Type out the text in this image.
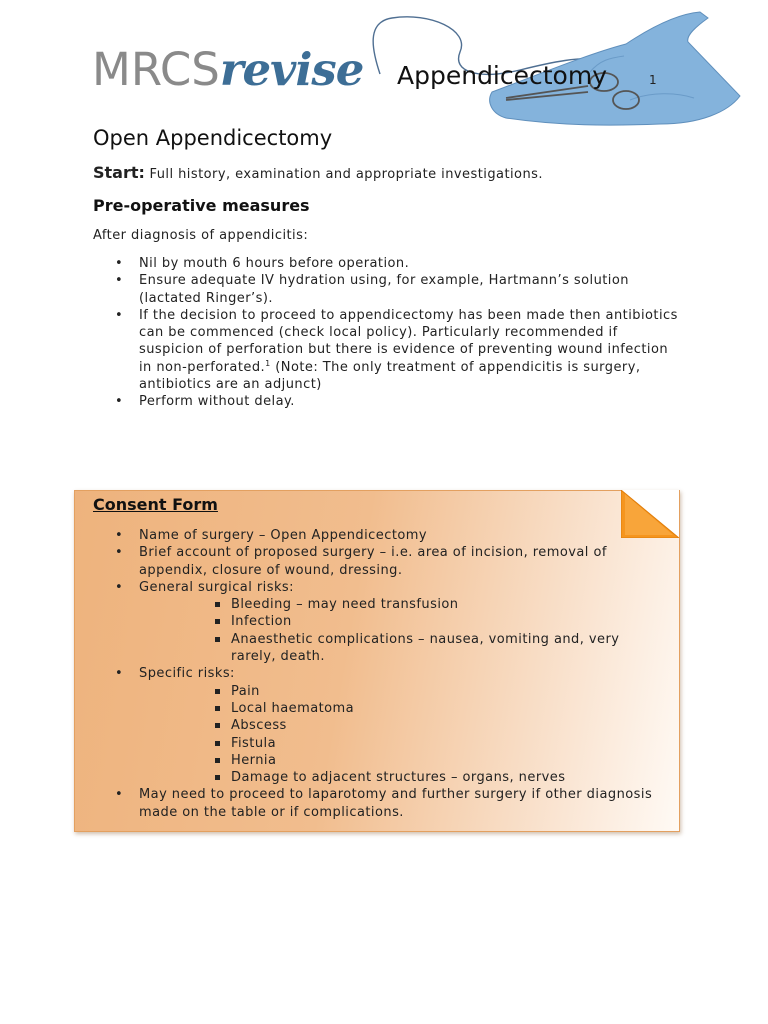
MRCSrevise Appendicectomy	1
Open Appendicectomy
Start: Full history, examination and appropriate investigations.
Pre-operative measures
After diagnosis of appendicitis:
• Nil by mouth 6 hours before operation.
• Ensure adequate IV hydration using, for example, Hartmann’s solution (lactated Ringer’s).
• If the decision to proceed to appendicectomy has been made then antibiotics can be commenced (check local policy). Particularly recommended if suspicion of perforation but there is evidence of preventing wound infection in non-perforated.$^1$ (Note: The only treatment of appendicitis is surgery, antibiotics are an adjunct)
• Perform without delay.
Consent Form
• Name of surgery – Open Appendicectomy
• Brief account of proposed surgery – i.e. area of incision, removal of appendix, closure of wound, dressing.
• General surgical risks:
Bleeding – may need transfusion
Infection
Anaesthetic complications – nausea, vomiting and, very rarely, death.
• Specific risks:
Pain
Local haematoma
Abscess
Fistula
Hernia
Damage to adjacent structures – organs, nerves
• May need to proceed to laparotomy and further surgery if other diagnosis made on the table or if complications.
